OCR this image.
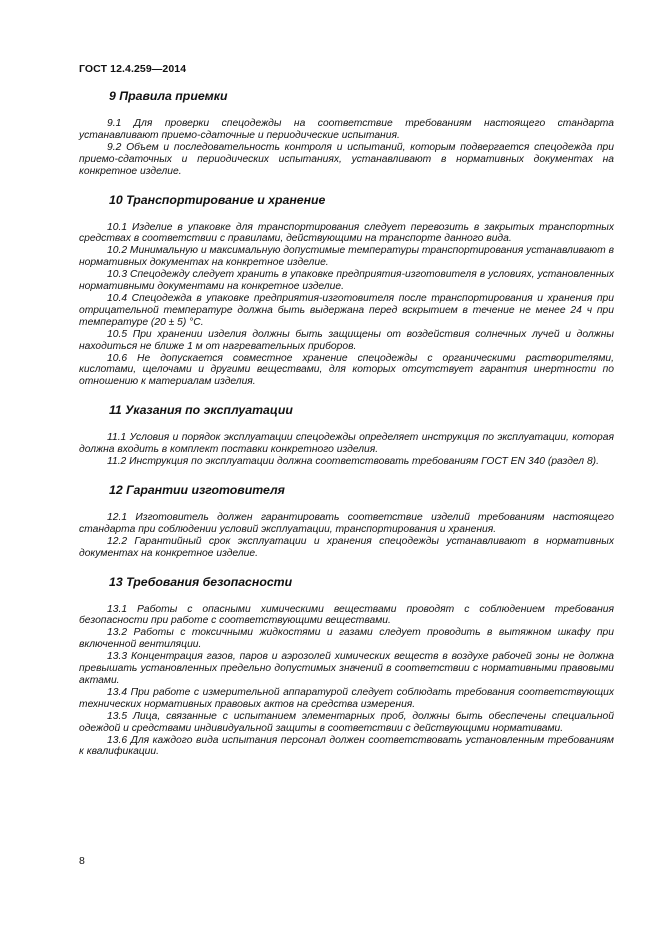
ГОСТ 12.4.259—2014
9 Правила приемки

9.1 Для проверки спецодежды на соответствие требованиям настоящего стандарта устанавливают приемо-сдаточные и периодические испытания.

9.2 Объем и последовательность контроля и испытаний, которым подвергается спецодежда при приемо-сдаточных и периодических испытаниях, устанавливают в нормативных документах на конкретное изделие.

10 Транспортирование и хранение

10.1 Изделие в упаковке для транспортирования следует перевозить в закрытых транспортных средствах в соответствии с правилами, действующими на транспорте данного вида.

10.2 Минимальную и максимальную допустимые температуры транспортирования устанавливают в нормативных документах на конкретное изделие.

10.3 Спецодежду следует хранить в упаковке предприятия-изготовителя в условиях, установленных нормативными документами на конкретное изделие.

10.4 Спецодежда в упаковке предприятия-изготовителя после транспортирования и хранения при отрицательной температуре должна быть выдержана перед вскрытием в течение не менее 24 ч при температуре (20 ± 5) °С.

10.5 При хранении изделия должны быть защищены от воздействия солнечных лучей и должны находиться не ближе 1 м от нагревательных приборов.

10.6 Не допускается совместное хранение спецодежды с органическими растворителями, кислотами, щелочами и другими веществами, для которых отсутствует гарантия инертности по отношению к материалам изделия.

11 Указания по эксплуатации

11.1 Условия и порядок эксплуатации спецодежды определяет инструкция по эксплуатации, которая должна входить в комплект поставки конкретного изделия.

11.2 Инструкция по эксплуатации должна соответствовать требованиям ГОСТ EN 340 (раздел 8).

12 Гарантии изготовителя

12.1 Изготовитель должен гарантировать соответствие изделий требованиям настоящего стандарта при соблюдении условий эксплуатации, транспортирования и хранения.

12.2 Гарантийный срок эксплуатации и хранения спецодежды устанавливают в нормативных документах на конкретное изделие.

13 Требования безопасности

13.1 Работы с опасными химическими веществами проводят с соблюдением требования безопасности при работе с соответствующими веществами.

13.2 Работы с токсичными жидкостями и газами следует проводить в вытяжном шкафу при включенной вентиляции.

13.3 Концентрация газов, паров и аэрозолей химических веществ в воздухе рабочей зоны не должна превышать установленных предельно допустимых значений в соответствии с нормативными правовыми актами.

13.4 При работе с измерительной аппаратурой следует соблюдать требования соответствующих технических нормативных правовых актов на средства измерения.

13.5 Лица, связанные с испытанием элементарных проб, должны быть обеспечены специальной одеждой и средствами индивидуальной защиты в соответствии с действующими нормативами.

13.6 Для каждого вида испытания персонал должен соответствовать установленным требованиям к квалификации.

8
